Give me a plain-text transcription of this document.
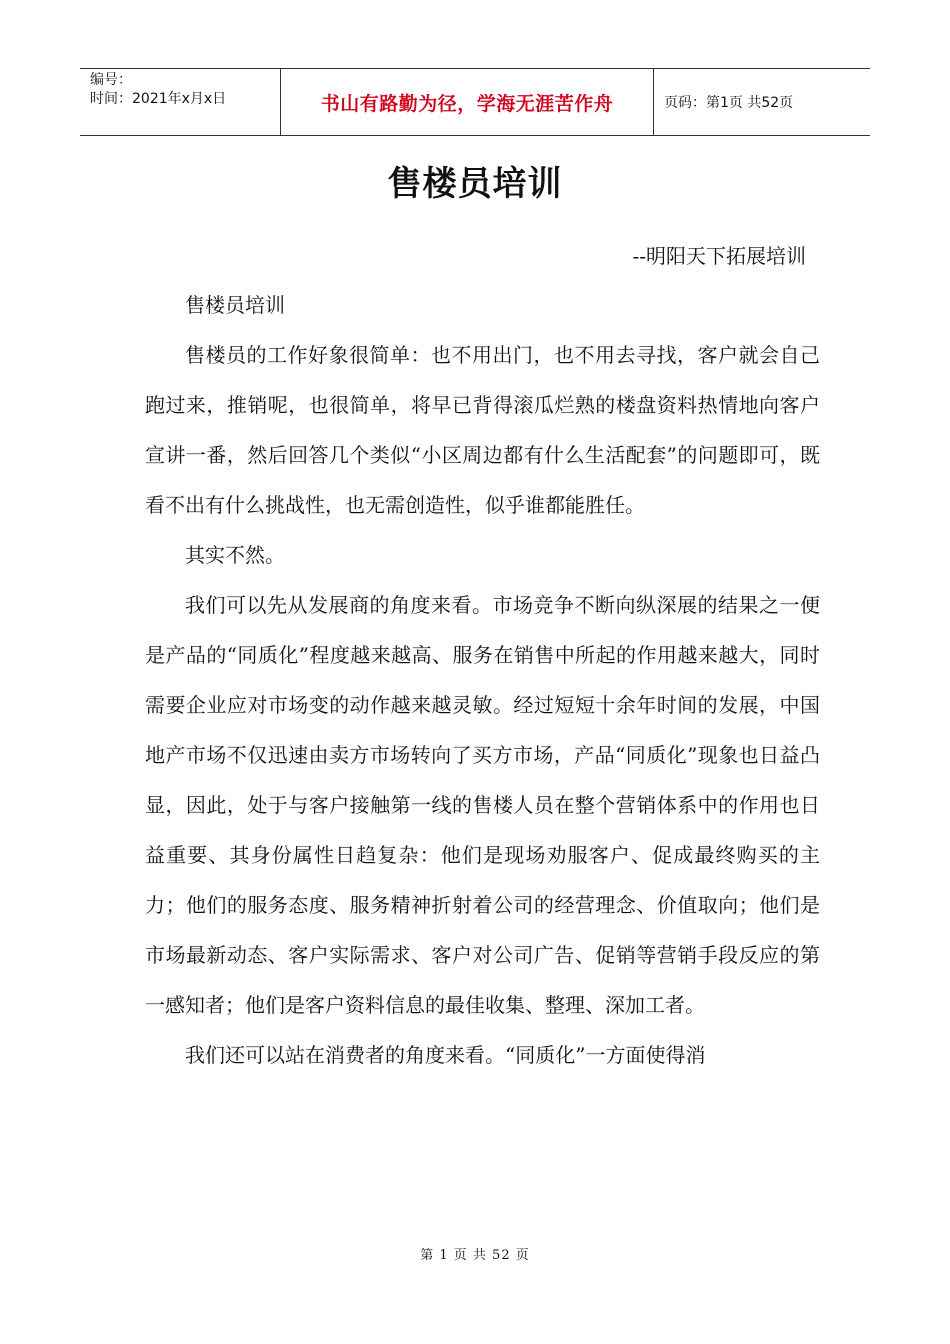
编号：
时间：2021年x月x日	书山有路勤为径，学海无涯苦作舟	页码：第1页 共52页
售楼员培训
--明阳天下拓展培训

售楼员培训

售楼员的工作好象很简单：也不用出门，也不用去寻找，客户就会自己跑过来，推销呢，也很简单，将早已背得滚瓜烂熟的楼盘资料热情地向客户宣讲一番，然后回答几个类似“小区周边都有什么生活配套”的问题即可，既看不出有什么挑战性，也无需创造性，似乎谁都能胜任。

其实不然。

我们可以先从发展商的角度来看。市场竞争不断向纵深展的结果之一便是产品的“同质化”程度越来越高、服务在销售中所起的作用越来越大，同时需要企业应对市场变的动作越来越灵敏。经过短短十余年时间的发展，中国地产市场不仅迅速由卖方市场转向了买方市场，产品“同质化”现象也日益凸显，因此，处于与客户接触第一线的售楼人员在整个营销体系中的作用也日益重要、其身份属性日趋复杂：他们是现场劝服客户、促成最终购买的主力；他们的服务态度、服务精神折射着公司的经营理念、价值取向；他们是市场最新动态、客户实际需求、客户对公司广告、促销等营销手段反应的第一感知者；他们是客户资料信息的最佳收集、整理、深加工者。

我们还可以站在消费者的角度来看。“同质化”一方面使得消

第 1 页 共 52 页
